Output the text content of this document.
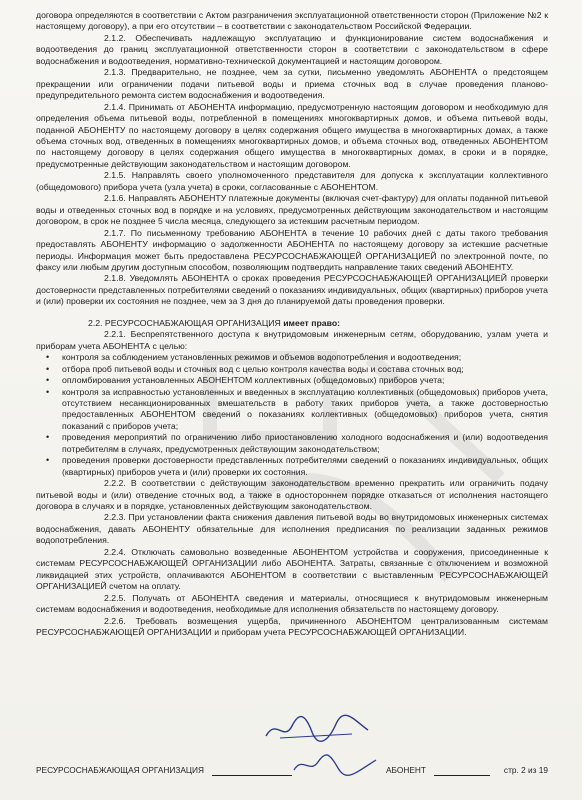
договора определяются в соответствии с Актом разграничения эксплуатационной ответственности сторон (Приложение №2 к настоящему договору), а при его отсутствии – в соответствии с законодательством Российской Федерации.

2.1.2. Обеспечивать надлежащую эксплуатацию и функционирование систем водоснабжения и водоотведения до границ эксплуатационной ответственности сторон в соответствии с законодательством в сфере водоснабжения и водоотведения, нормативно-технической документацией и настоящим договором.

2.1.3. Предварительно, не позднее, чем за сутки, письменно уведомлять АБОНЕНТА о предстоящем прекращении или ограничении подачи питьевой воды и приема сточных вод в случае проведения планово-предупредительного ремонта систем водоснабжения и водоотведения.

2.1.4. Принимать от АБОНЕНТА информацию, предусмотренную настоящим договором и необходимую для определения объема питьевой воды, потребленной в помещениях многоквартирных домов, и объема питьевой воды, поданной АБОНЕНТУ по настоящему договору в целях содержания общего имущества в многоквартирных домах, а также объема сточных вод, отведенных в помещениях многоквартирных домов, и объема сточных вод, отведенных АБОНЕНТОМ по настоящему договору в целях содержания общего имущества в многоквартирных домах, в сроки и в порядке, предусмотренные действующим законодательством и настоящим договором.

2.1.5. Направлять своего уполномоченного представителя для допуска к эксплуатации коллективного (общедомового) прибора учета (узла учета) в сроки, согласованные с АБОНЕНТОМ.

2.1.6. Направлять АБОНЕНТУ платежные документы (включая счет-фактуру) для оплаты поданной питьевой воды и отведенных сточных вод в порядке и на условиях, предусмотренных действующим законодательством и настоящим договором, в срок не позднее 5 числа месяца, следующего за истекшим расчетным периодом.

2.1.7. По письменному требованию АБОНЕНТА в течение 10 рабочих дней с даты такого требования предоставлять АБОНЕНТУ информацию о задолженности АБОНЕНТА по настоящему договору за истекшие расчетные периоды. Информация может быть предоставлена РЕСУРСОСНАБЖАЮЩЕЙ ОРГАНИЗАЦИЕЙ по электронной почте, по факсу или любым другим доступным способом, позволяющим подтвердить направление таких сведений АБОНЕНТУ.

2.1.8. Уведомлять АБОНЕНТА о сроках проведения РЕСУРСОСНАБЖАЮЩЕЙ ОРГАНИЗАЦИЕЙ проверки достоверности представленных потребителями сведений о показаниях индивидуальных, общих (квартирных) приборов учета и (или) проверки их состояния не позднее, чем за 3 дня до планируемой даты проведения проверки.

2.2. РЕСУРСОСНАБЖАЮЩАЯ ОРГАНИЗАЦИЯ имеет право:

2.2.1. Беспрепятственного доступа к внутридомовым инженерным сетям, оборудованию, узлам учета и приборам учета АБОНЕНТА с целью:

• контроля за соблюдением установленных режимов и объемов водопотребления и водоотведения;
• отбора проб питьевой воды и сточных вод с целью контроля качества воды и состава сточных вод;
• опломбирования установленных АБОНЕНТОМ коллективных (общедомовых) приборов учета;
• контроля за исправностью установленных и введенных в эксплуатацию коллективных (общедомовых) приборов учета, отсутствием несанкционированных вмешательств в работу таких приборов учета, а также достоверностью предоставленных АБОНЕНТОМ сведений о показаниях коллективных (общедомовых) приборов учета, снятия показаний с приборов учета;
• проведения мероприятий по ограничению либо приостановлению холодного водоснабжения и (или) водоотведения потребителям в случаях, предусмотренных действующим законодательством;
• проведения проверки достоверности представленных потребителями сведений о показаниях индивидуальных, общих (квартирных) приборов учета и (или) проверки их состояния.

2.2.2. В соответствии с действующим законодательством временно прекратить или ограничить подачу питьевой воды и (или) отведение сточных вод, а также в одностороннем порядке отказаться от исполнения настоящего договора в случаях и в порядке, установленных действующим законодательством.

2.2.3. При установлении факта снижения давления питьевой воды во внутридомовых инженерных системах водоснабжения, давать АБОНЕНТУ обязательные для исполнения предписания по реализации заданных режимов водопотребления.

2.2.4. Отключать самовольно возведенные АБОНЕНТОМ устройства и сооружения, присоединенные к системам РЕСУРСОСНАБЖАЮЩЕЙ ОРГАНИЗАЦИИ либо АБОНЕНТА. Затраты, связанные с отключением и возможной ликвидацией этих устройств, оплачиваются АБОНЕНТОМ в соответствии с выставленным РЕСУРСОСНАБЖАЮЩЕЙ ОРГАНИЗАЦИЕЙ счетом на оплату.

2.2.5. Получать от АБОНЕНТА сведения и материалы, относящиеся к внутридомовым инженерным системам водоснабжения и водоотведения, необходимые для исполнения обязательств по настоящему договору.

2.2.6. Требовать возмещения ущерба, причиненного АБОНЕНТОМ централизованным системам РЕСУРСОСНАБЖАЮЩЕЙ ОРГАНИЗАЦИИ и приборам учета РЕСУРСОСНАБЖАЮЩЕЙ ОРГАНИЗАЦИИ.

РЕСУРСОСНАБЖАЮЩАЯ ОРГАНИЗАЦИЯ	АБОНЕНТ	стр. 2 из 19
